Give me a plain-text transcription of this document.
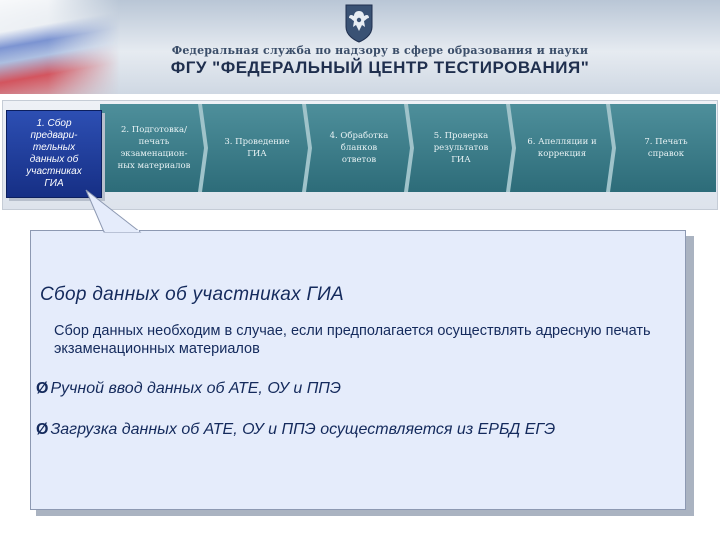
Федеральная служба по надзору в сфере образования и науки
ФГУ "ФЕДЕРАЛЬНЫЙ ЦЕНТР ТЕСТИРОВАНИЯ"
1. Сбор
предвари-
тельных
данных об
участниках
ГИА
2. Подготовка/
печать
экзаменацион-
ных материалов
3. Проведение
ГИА
4. Обработка
бланков
ответов
5. Проверка
результатов
ГИА
6. Апелляции и
коррекция
7. Печать
справок
Сбор данных об участниках ГИА
Сбор данных необходим в случае, если предполагается осуществлять адресную печать экзаменационных материалов
Ø Ручной ввод данных об АТЕ, ОУ и ППЭ
Ø Загрузка данных об АТЕ, ОУ и ППЭ осуществляется из ЕРБД ЕГЭ
